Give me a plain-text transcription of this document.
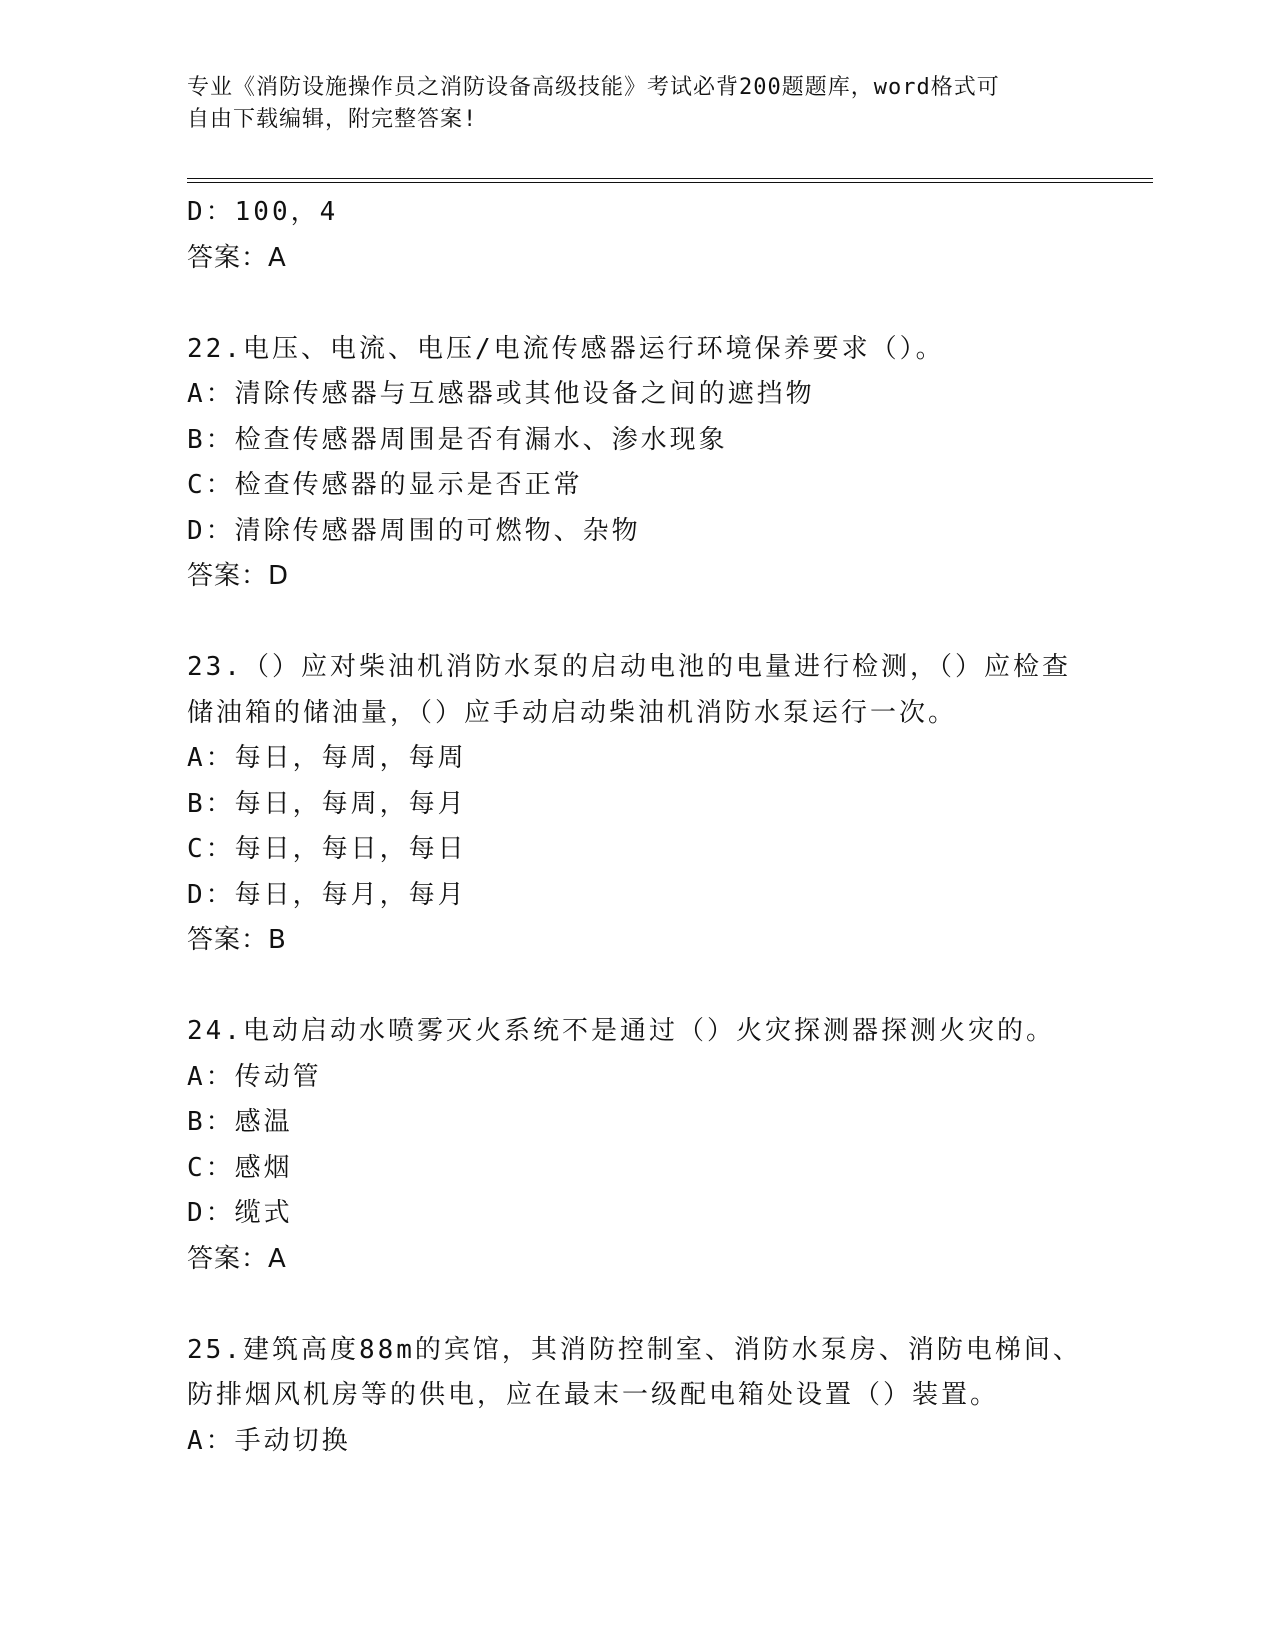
专业《消防设施操作员之消防设备高级技能》考试必背200题题库，word格式可
自由下载编辑，附完整答案!
D：100，4
答案：A
22.电压、电流、电压/电流传感器运行环境保养要求（）。
A：清除传感器与互感器或其他设备之间的遮挡物
B：检查传感器周围是否有漏水、渗水现象
C：检查传感器的显示是否正常
D：清除传感器周围的可燃物、杂物
答案：D
23.（）应对柴油机消防水泵的启动电池的电量进行检测，（）应检查
储油箱的储油量，（）应手动启动柴油机消防水泵运行一次。
A：每日，每周，每周
B：每日，每周，每月
C：每日，每日，每日
D：每日，每月，每月
答案：B
24.电动启动水喷雾灭火系统不是通过（）火灾探测器探测火灾的。
A：传动管
B：感温
C：感烟
D：缆式
答案：A
25.建筑高度88m的宾馆，其消防控制室、消防水泵房、消防电梯间、
防排烟风机房等的供电，应在最末一级配电箱处设置（）装置。
A：手动切换
